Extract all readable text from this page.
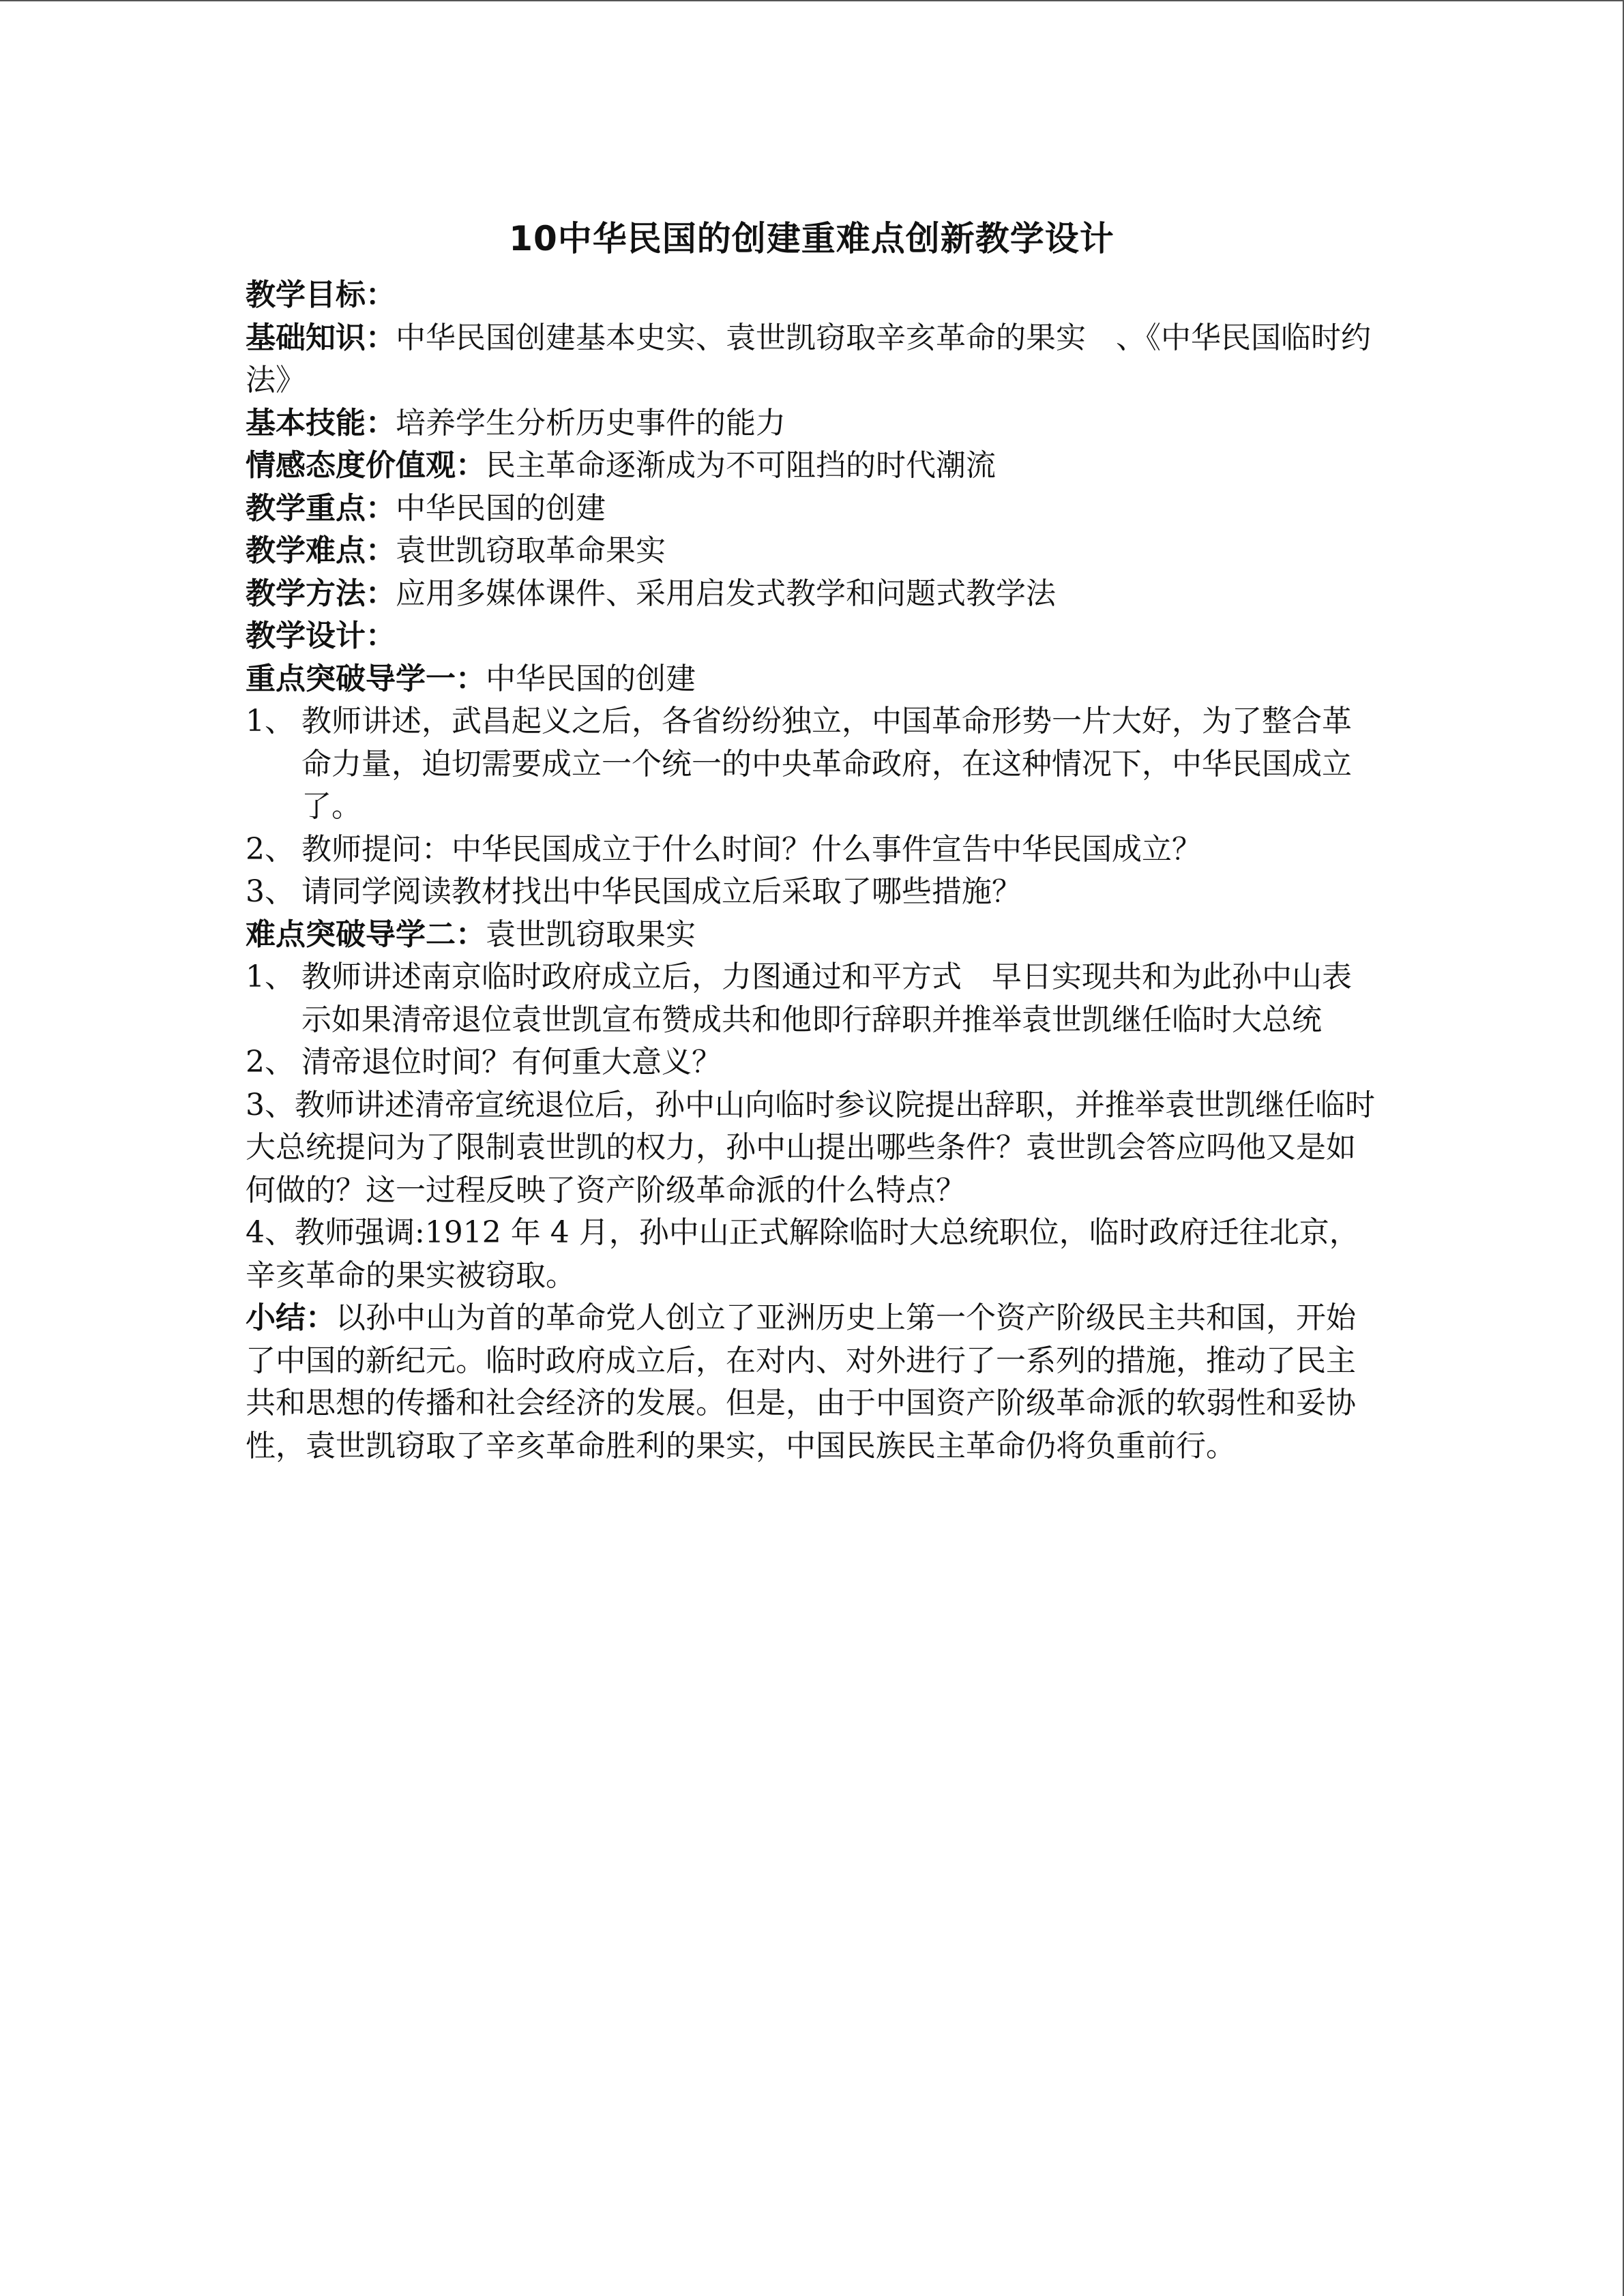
10中华民国的创建重难点创新教学设计

教学目标：

基础知识：中华民国创建基本史实、袁世凯窃取辛亥革命的果实　、《中华民国临时约法》

基本技能：培养学生分析历史事件的能力

情感态度价值观：民主革命逐渐成为不可阻挡的时代潮流

教学重点：中华民国的创建

教学难点：袁世凯窃取革命果实

教学方法：应用多媒体课件、采用启发式教学和问题式教学法

教学设计：

重点突破导学一：中华民国的创建

1、 教师讲述，武昌起义之后，各省纷纷独立，中国革命形势一片大好，为了整合革命力量，迫切需要成立一个统一的中央革命政府，在这种情况下，中华民国成立了。

2、 教师提问：中华民国成立于什么时间？什么事件宣告中华民国成立？

3、 请同学阅读教材找出中华民国成立后采取了哪些措施？

难点突破导学二：袁世凯窃取果实

1、 教师讲述南京临时政府成立后，力图通过和平方式　早日实现共和为此孙中山表示如果清帝退位袁世凯宣布赞成共和他即行辞职并推举袁世凯继任临时大总统

2、 清帝退位时间？有何重大意义？

3、教师讲述清帝宣统退位后，孙中山向临时参议院提出辞职，并推举袁世凯继任临时大总统提问为了限制袁世凯的权力，孙中山提出哪些条件？袁世凯会答应吗他又是如何做的？这一过程反映了资产阶级革命派的什么特点？

4、教师强调:1912 年 4 月，孙中山正式解除临时大总统职位，临时政府迁往北京，辛亥革命的果实被窃取。

小结：以孙中山为首的革命党人创立了亚洲历史上第一个资产阶级民主共和国，开始了中国的新纪元。临时政府成立后，在对内、对外进行了一系列的措施，推动了民主共和思想的传播和社会经济的发展。但是，由于中国资产阶级革命派的软弱性和妥协性，袁世凯窃取了辛亥革命胜利的果实，中国民族民主革命仍将负重前行。
